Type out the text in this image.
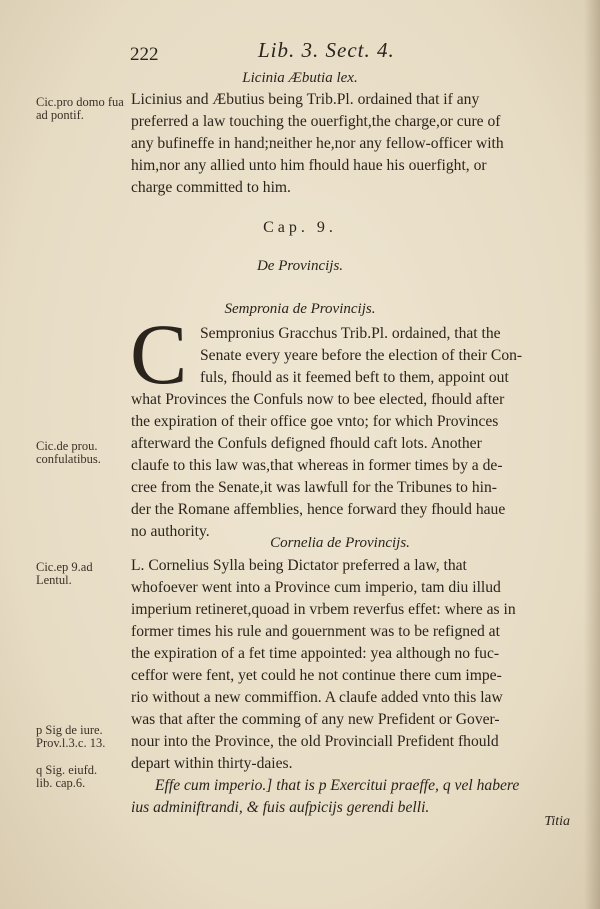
222	Lib. 3. Sect. 4.
Licinia Æbutia lex.
Licinius and Æbutius being Trib.Pl. ordained that if any
preferred a law touching the ouerfight,the charge,or cure of
any bufineffe in hand;neither he,nor any fellow-officer with
him,nor any allied unto him fhould haue his ouerfight, or
charge committed to him.
Cap. 9.
De Provincijs.
Sempronia de Provincijs.
C Sempronius Gracchus Trib.Pl. ordained, that the
Senate every yeare before the election of their Con-
fuls, fhould as it feemed beft to them, appoint out
what Provinces the Confuls now to bee elected, fhould after
the expiration of their office goe vnto; for which Provinces
afterward the Confuls defigned fhould caft lots. Another
claufe to this law was,that whereas in former times by a de-
cree from the Senate,it was lawfull for the Tribunes to hin-
der the Romane affemblies, hence forward they fhould haue
no authority.
Cornelia de Provincijs.
L. Cornelius Sylla being Dictator preferred a law, that
whofoever went into a Province cum imperio, tam diu illud
imperium retineret,quoad in vrbem reverfus effet: where as in
former times his rule and gouernment was to be refigned at
the expiration of a fet time appointed: yea although no fuc-
ceffor were fent, yet could he not continue there cum impe-
rio without a new commiffion. A claufe added vnto this law
was that after the comming of any new Prefident or Gover-
nour into the Province, the old Provinciall Prefident fhould
depart within thirty-daies.
Effe cum imperio.] that is p Exercitui praeffe, q vel habere
ius adminiftrandi, & fuis aufpicijs gerendi belli.
Titia
Cic.pro domo fua ad pontif.
Cic.de prou. confulatibus.
Cic.ep 9.ad Lentul.
p Sig de iure. Prov.l.3.c. 13.
q Sig. eiufd. lib. cap.6.
